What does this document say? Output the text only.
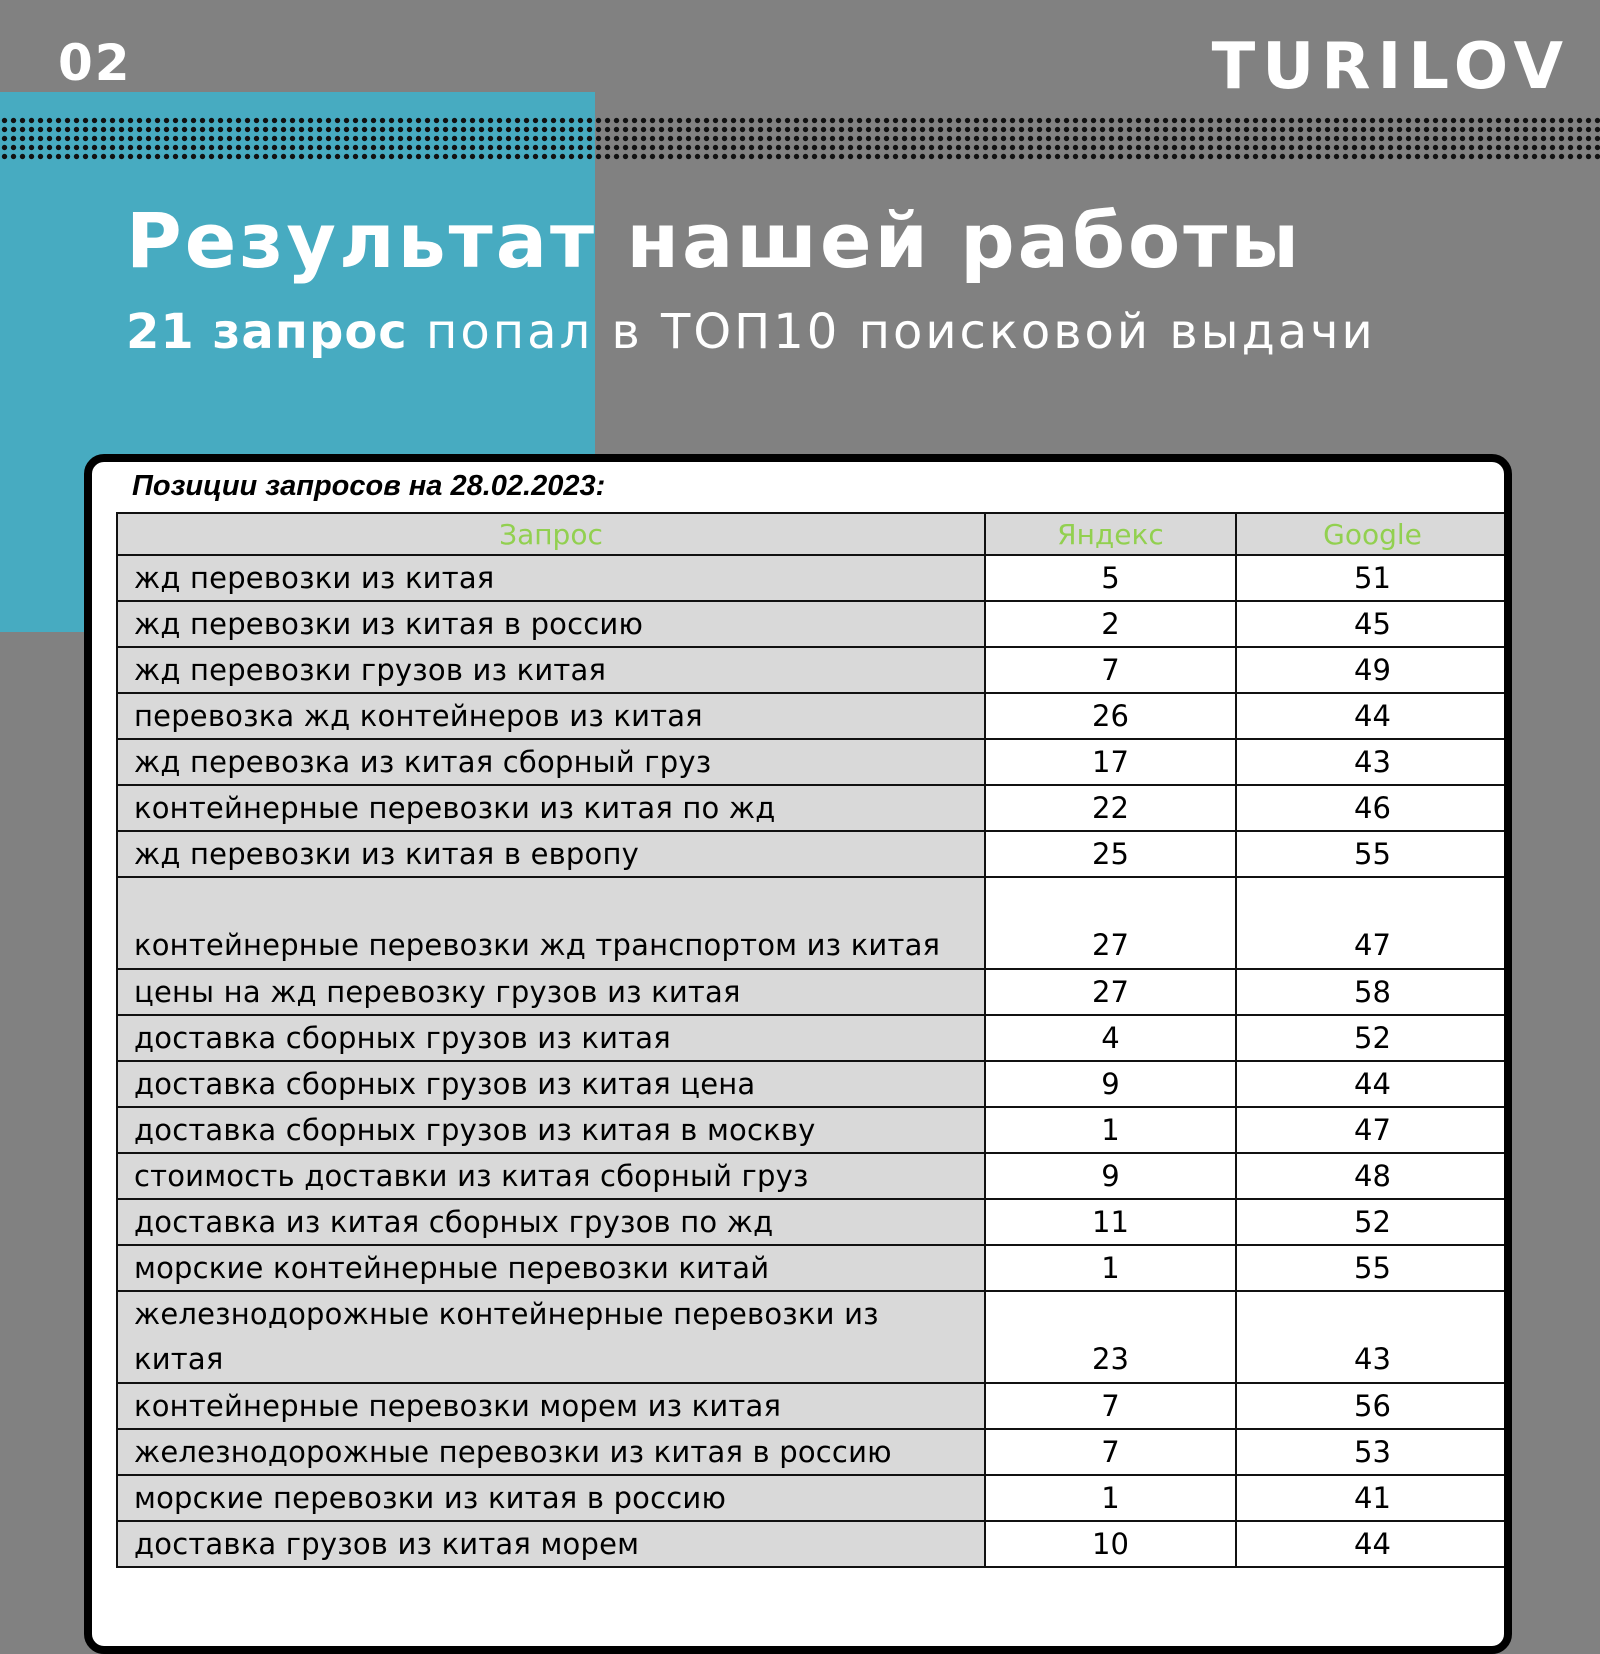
02	TURILOV
Результат нашей работы

21 запрос попал в ТОП10 поисковой выдачи

Позиции запросов на 28.02.2023:
Запрос	Яндекс	Google
жд перевозки из китая	5	51
жд перевозки из китая в россию	2	45
жд перевозки грузов из китая	7	49
перевозка жд контейнеров из китая	26	44
жд перевозка из китая сборный груз	17	43
контейнерные перевозки из китая по жд	22	46
жд перевозки из китая в европу	25	55
контейнерные перевозки жд транспортом из китая	27	47
цены на жд перевозку грузов из китая	27	58
доставка сборных грузов из китая	4	52
доставка сборных грузов из китая цена	9	44
доставка сборных грузов из китая в москву	1	47
стоимость доставки из китая сборный груз	9	48
доставка из китая сборных грузов по жд	11	52
морские контейнерные перевозки китай	1	55
железнодорожные контейнерные перевозки из китая	23	43
контейнерные перевозки морем из китая	7	56
железнодорожные перевозки из китая в россию	7	53
морские перевозки из китая в россию	1	41
доставка грузов из китая морем	10	44
